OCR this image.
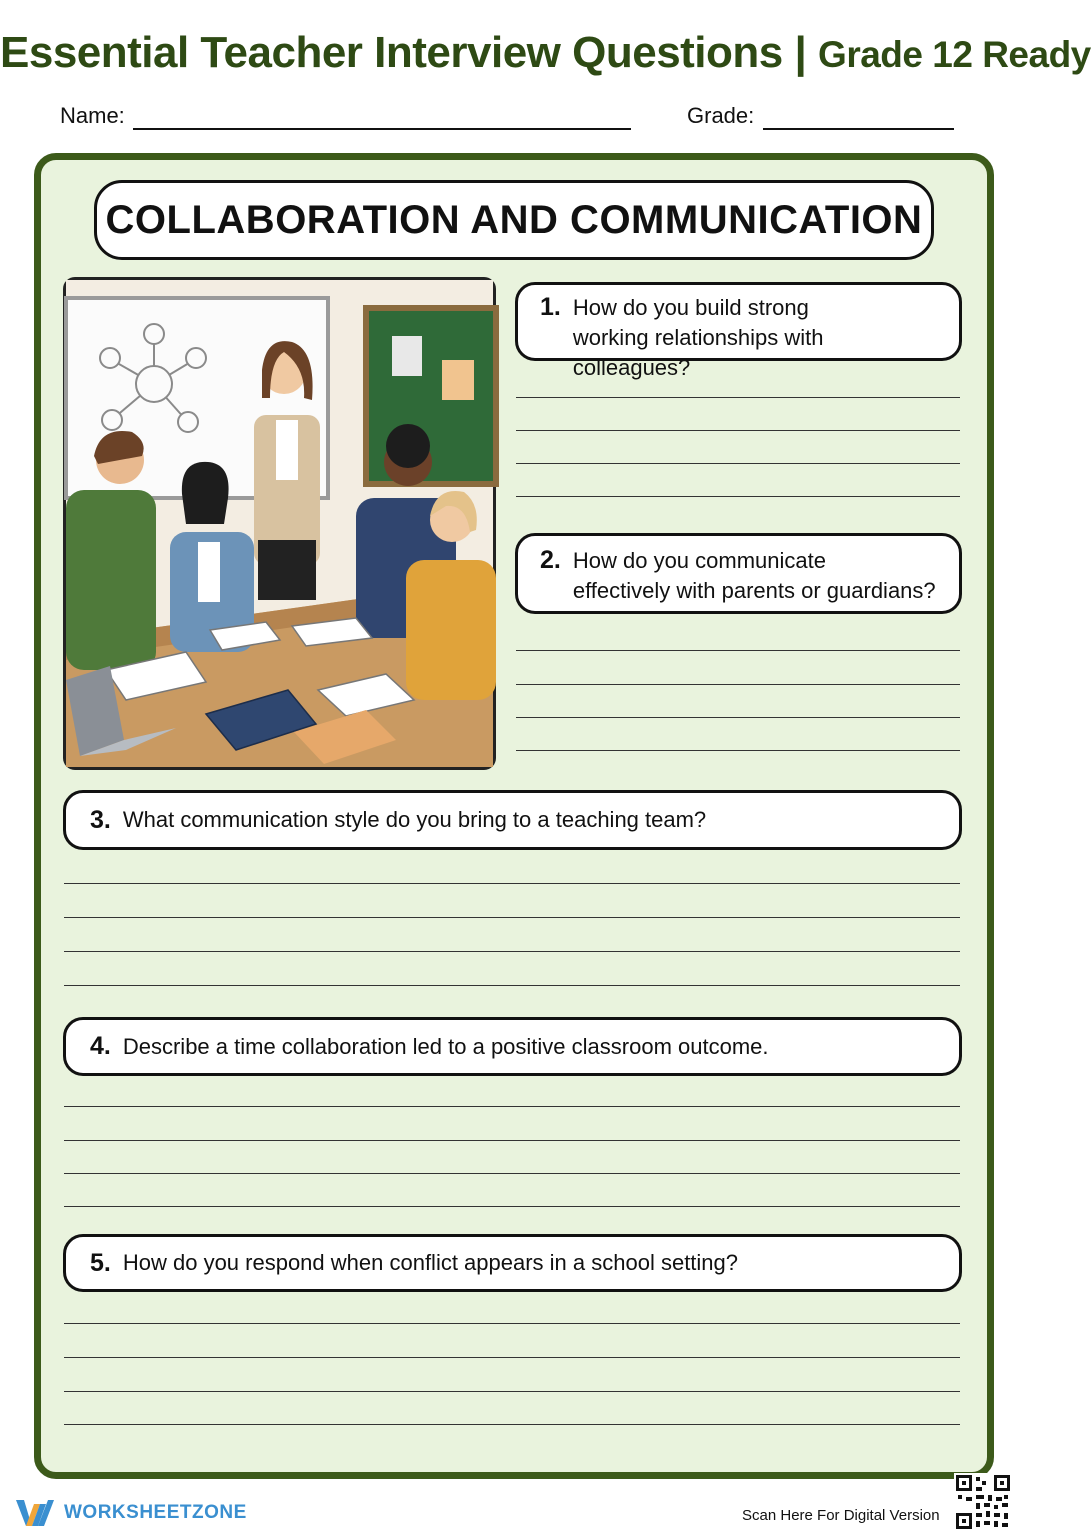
Essential Teacher Interview Questions | Grade 12 Ready
Name:	Grade:
COLLABORATION AND COMMUNICATION
1. How do you build strong
working relationships with colleagues?
2. How do you communicate
effectively with parents or guardians?
3. What communication style do you bring to a teaching team?
4. Describe a time collaboration led to a positive classroom outcome.
5. How do you respond when conflict appears in a school setting?
WORKSHEETZONE	Scan Here For Digital Version
